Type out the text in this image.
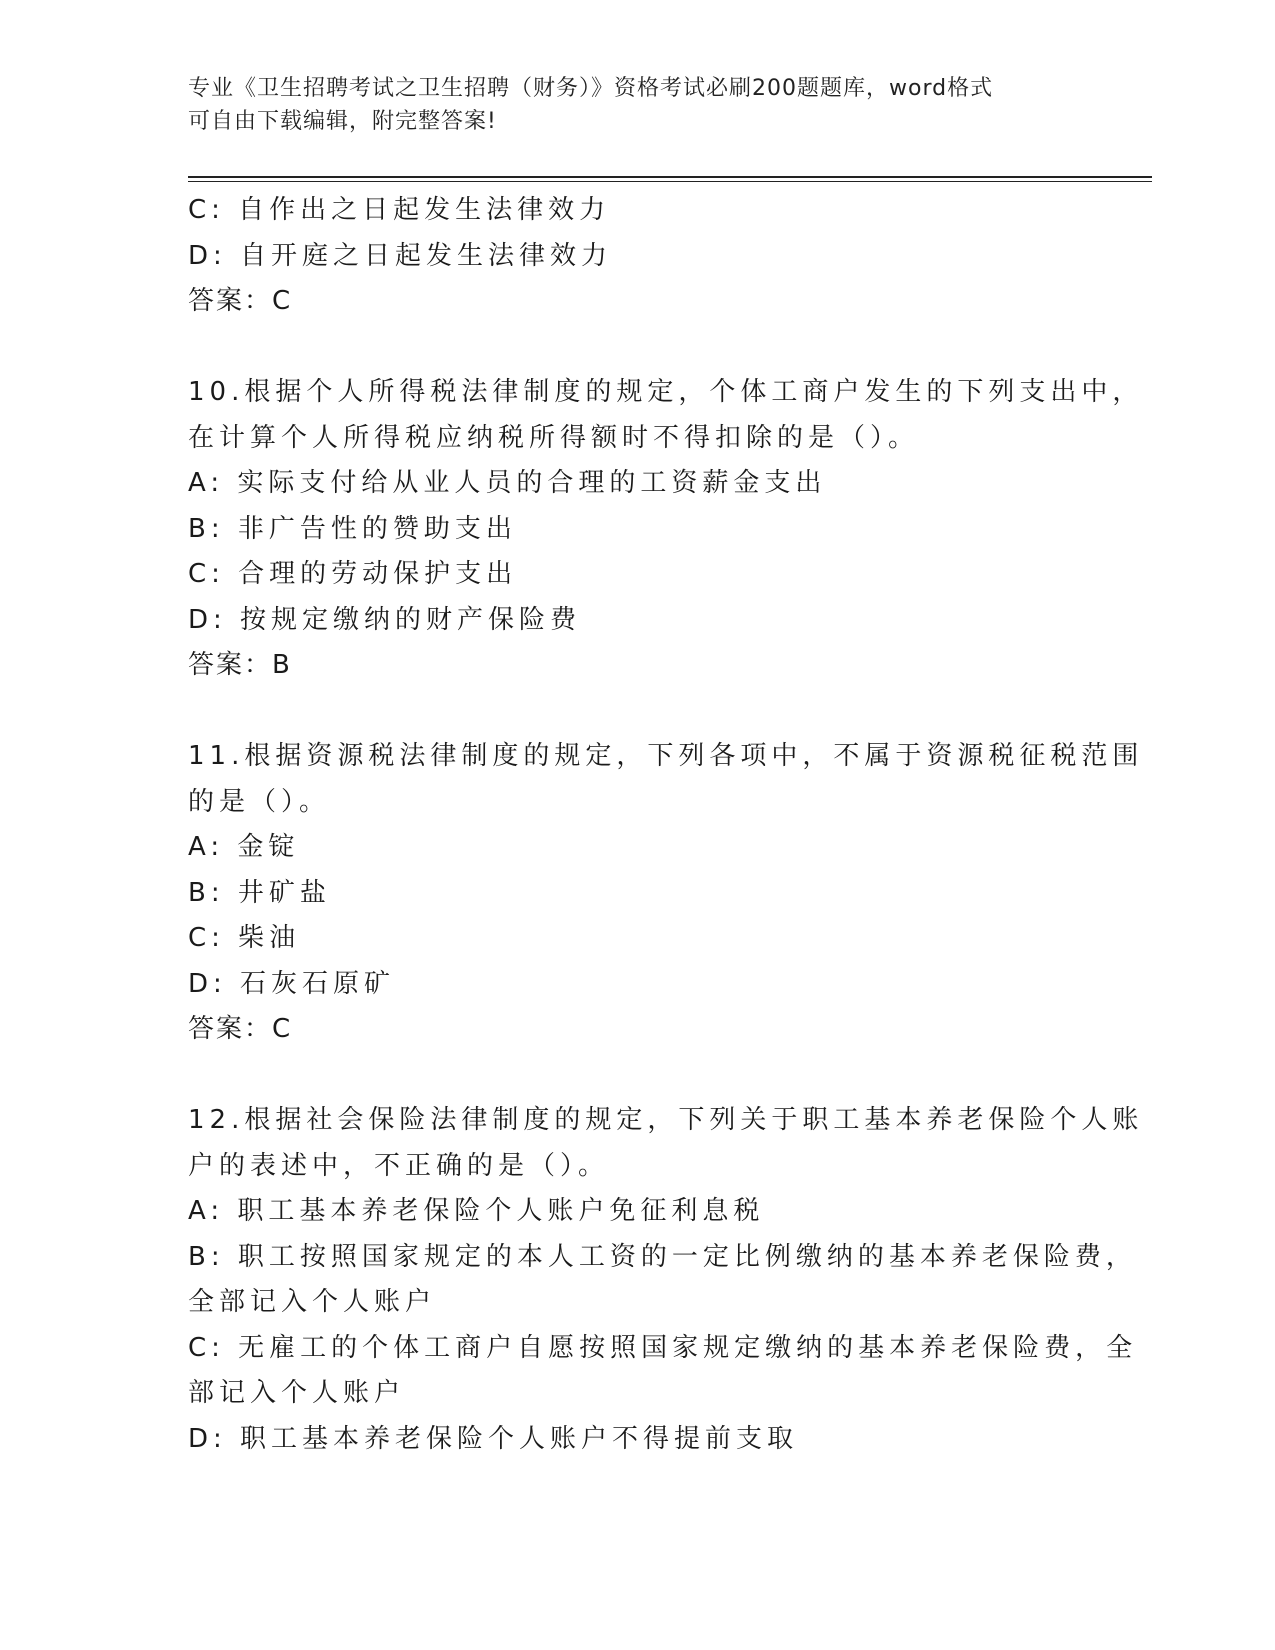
专业《卫生招聘考试之卫生招聘（财务）》资格考试必刷200题题库，word格式
可自由下载编辑，附完整答案!
C: 自作出之日起发生法律效力
D: 自开庭之日起发生法律效力
答案：C
10.根据个人所得税法律制度的规定，个体工商户发生的下列支出中，
在计算个人所得税应纳税所得额时不得扣除的是（）。
A: 实际支付给从业人员的合理的工资薪金支出
B: 非广告性的赞助支出
C: 合理的劳动保护支出
D: 按规定缴纳的财产保险费
答案：B
11.根据资源税法律制度的规定，下列各项中，不属于资源税征税范围
的是（）。
A: 金锭
B: 井矿盐
C: 柴油
D: 石灰石原矿
答案：C
12.根据社会保险法律制度的规定，下列关于职工基本养老保险个人账
户的表述中，不正确的是（）。
A: 职工基本养老保险个人账户免征利息税
B: 职工按照国家规定的本人工资的一定比例缴纳的基本养老保险费，
全部记入个人账户
C: 无雇工的个体工商户自愿按照国家规定缴纳的基本养老保险费，全
部记入个人账户
D: 职工基本养老保险个人账户不得提前支取
